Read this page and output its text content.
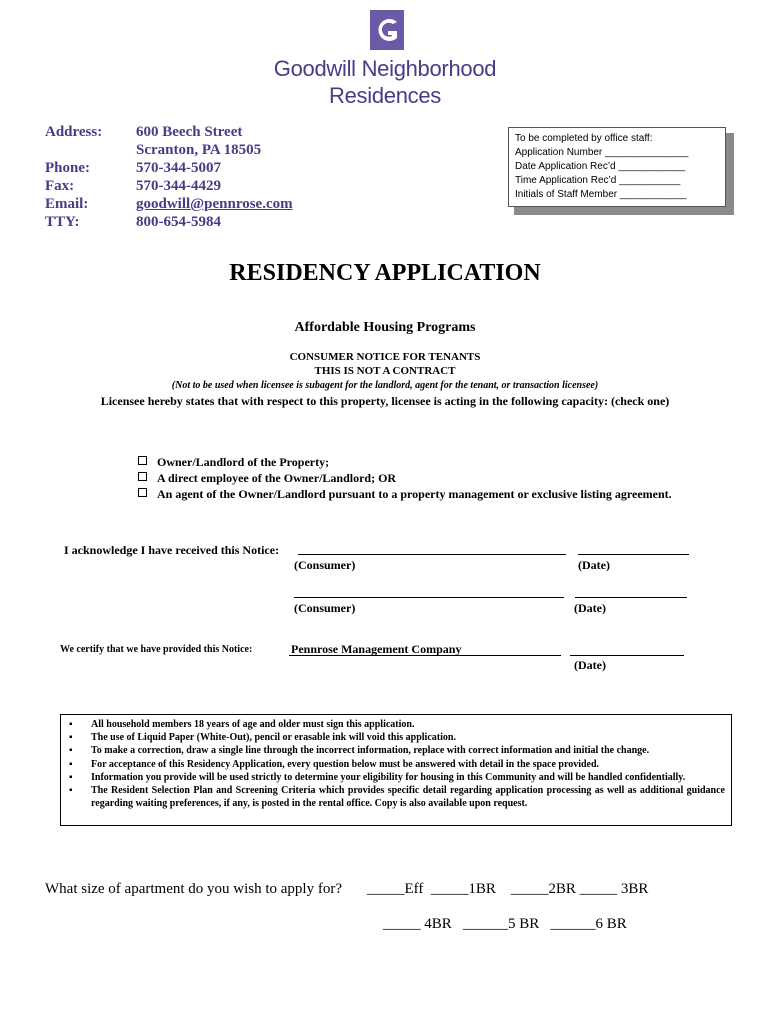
Goodwill Neighborhood
Residences
Address: 600 Beech Street
Scranton, PA 18505
Phone:	570-344-5007
Fax:	570-344-4429
Email:	goodwill@pennrose.com
TTY:	800-654-5984
To be completed by office staff:
Application Number _______________
Date Application Rec’d ____________
Time Application Rec’d ___________
Initials of Staff Member ____________
RESIDENCY APPLICATION
Affordable Housing Programs
CONSUMER NOTICE FOR TENANTS
THIS IS NOT A CONTRACT
(Not to be used when licensee is subagent for the landlord, agent for the tenant, or transaction licensee)
Licensee hereby states that with respect to this property, licensee is acting in the following capacity: (check one)
Owner/Landlord of the Property;
A direct employee of the Owner/Landlord; OR
An agent of the Owner/Landlord pursuant to a property management or exclusive listing agreement.
I acknowledge I have received this Notice:
(Consumer)	(Date)
(Consumer)	(Date)
We certify that we have provided this Notice:	Pennrose Management Company
(Date)
▪ All household members 18 years of age and older must sign this application.
▪ The use of Liquid Paper (White-Out), pencil or erasable ink will void this application.
▪ To make a correction, draw a single line through the incorrect information, replace with correct information and initial the change.
▪ For acceptance of this Residency Application, every question below must be answered with detail in the space provided.
▪ Information you provide will be used strictly to determine your eligibility for housing in this Community and will be handled confidentially.
▪ The Resident Selection Plan and Screening Criteria which provides specific detail regarding application processing as well as additional guidance regarding waiting preferences, if any, is posted in the rental office. Copy is also available upon request.
What size of apartment do you wish to apply for? _____Eff  _____1BR    _____2BR _____ 3BR
_____ 4BR   ______5 BR   ______6 BR
